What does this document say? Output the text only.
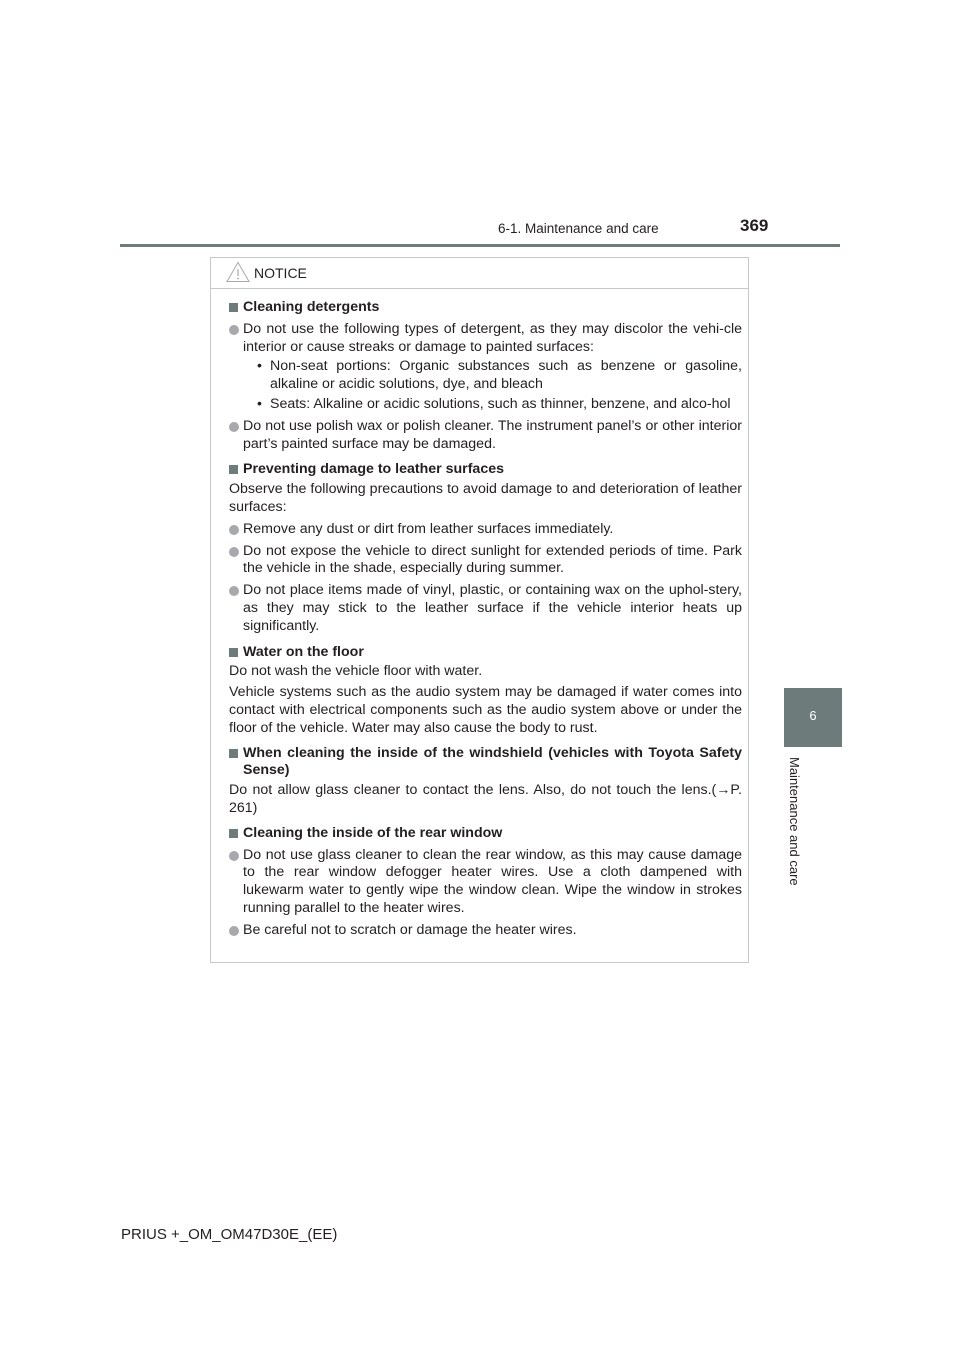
6-1. Maintenance and care	369
6
Maintenance and care
NOTICE
Cleaning detergents
Do not use the following types of detergent, as they may discolor the vehi-cle interior or cause streaks or damage to painted surfaces:
• Non-seat portions: Organic substances such as benzene or gasoline, alkaline or acidic solutions, dye, and bleach
• Seats: Alkaline or acidic solutions, such as thinner, benzene, and alco-hol
Do not use polish wax or polish cleaner. The instrument panel’s or other interior part’s painted surface may be damaged.
Preventing damage to leather surfaces
Observe the following precautions to avoid damage to and deterioration of leather surfaces:
Remove any dust or dirt from leather surfaces immediately.
Do not expose the vehicle to direct sunlight for extended periods of time. Park the vehicle in the shade, especially during summer.
Do not place items made of vinyl, plastic, or containing wax on the uphol-stery, as they may stick to the leather surface if the vehicle interior heats up significantly.
Water on the floor
Do not wash the vehicle floor with water.
Vehicle systems such as the audio system may be damaged if water comes into contact with electrical components such as the audio system above or under the floor of the vehicle. Water may also cause the body to rust.
When cleaning the inside of the windshield (vehicles with Toyota Safety Sense)
Do not allow glass cleaner to contact the lens. Also, do not touch the lens.(→P. 261)
Cleaning the inside of the rear window
Do not use glass cleaner to clean the rear window, as this may cause damage to the rear window defogger heater wires. Use a cloth dampened with lukewarm water to gently wipe the window clean. Wipe the window in strokes running parallel to the heater wires.
Be careful not to scratch or damage the heater wires.
PRIUS +_OM_OM47D30E_(EE)
